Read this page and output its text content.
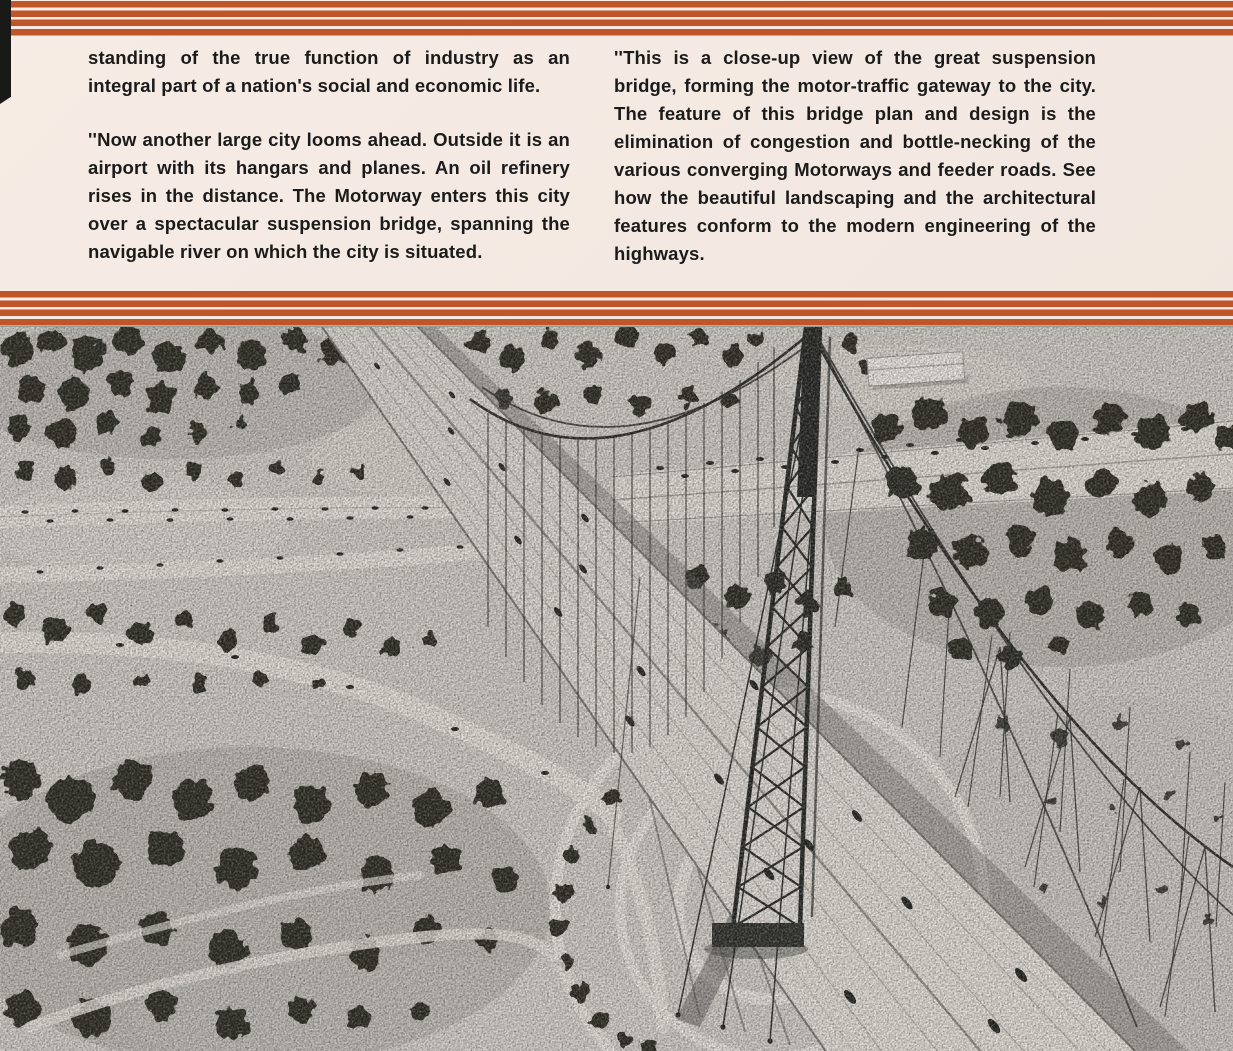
standing of the true function of industry as an integral part of a nation's social and economic life.

''Now another large city looms ahead. Outside it is an airport with its hangars and planes. An oil refinery rises in the distance. The Motorway enters this city over a spectacular suspension bridge, spanning the navigable river on which the city is situated.

''This is a close-up view of the great suspension bridge, forming the motor-traffic gateway to the city. The feature of this bridge plan and design is the elimination of congestion and bottle-necking of the various converging Motorways and feeder roads. See how the beautiful landscaping and the architectural features conform to the modern engineering of the highways.
